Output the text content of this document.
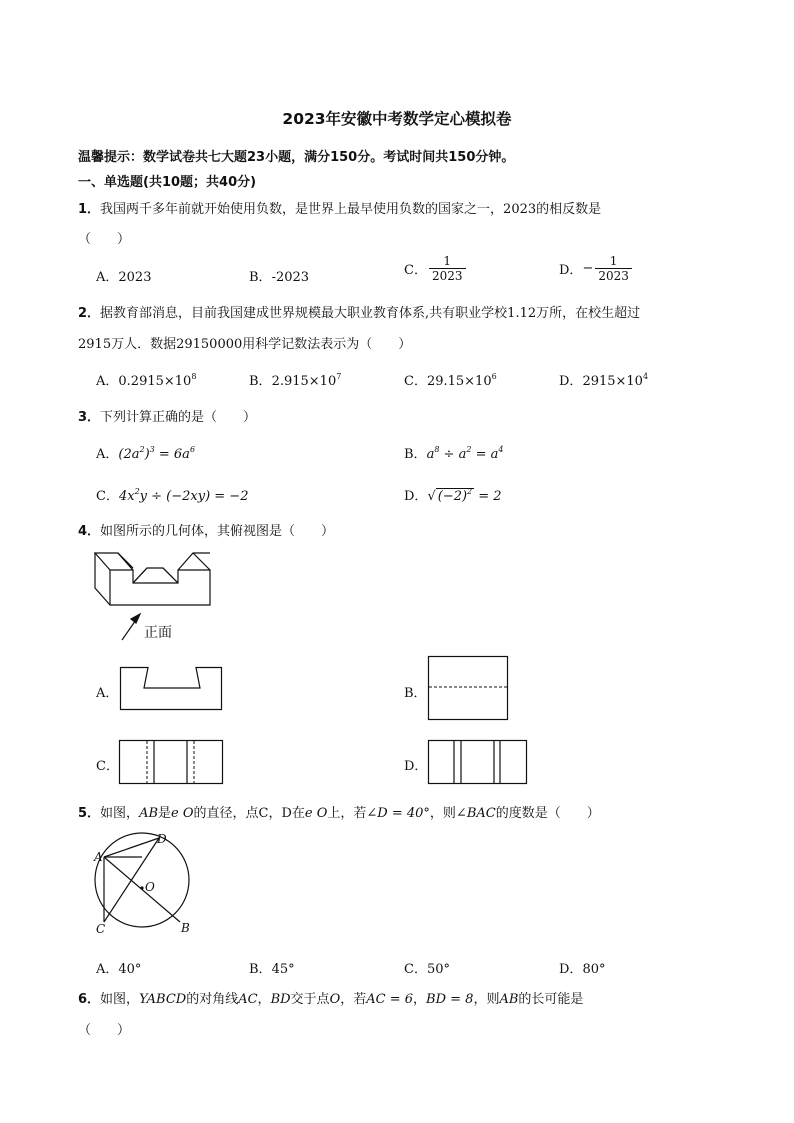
2023年安徽中考数学定心模拟卷
温馨提示：数学试卷共七大题23小题，满分150分。考试时间共150分钟。
一、单选题(共10题；共40分)
1．我国两千多年前就开始使用负数，是世界上最早使用负数的国家之一，2023的相反数是
（　　）
A．2023	B．-2023	C． $\frac{1}{2023}$	D．− $\frac{1}{2023}$
2．据教育部消息，目前我国建成世界规模最大职业教育体系,共有职业学校1.12万所，在校生超过
2915万人．数据29150000用科学记数法表示为（　　）
A．$0.2915\times 10^8$	B．$2.915\times 10^7$	C．$29.15\times 10^6$	D．$2915\times 10^4$
3．下列计算正确的是（　　）
A．$(2a^2)^3 = 6a^6$	B．$a^8 \div a^2 = a^4$
C．$4x^2y \div (-2xy) = -2$	D．√ $(-2)^2 = 2$
4．如图所示的几何体，其俯视图是（　　）
正面
A．	B．
C．	D．
5．如图，AB是e O的直径，点C，D在e O上，若∠D = 40°，则∠BAC的度数是（　　）
A
D
O
C	B
A．40°	B．45°	C．50°	D．80°
6．如图，YABCD的对角线AC，BD交于点O，若AC = 6，BD = 8，则AB的长可能是
（　　）
